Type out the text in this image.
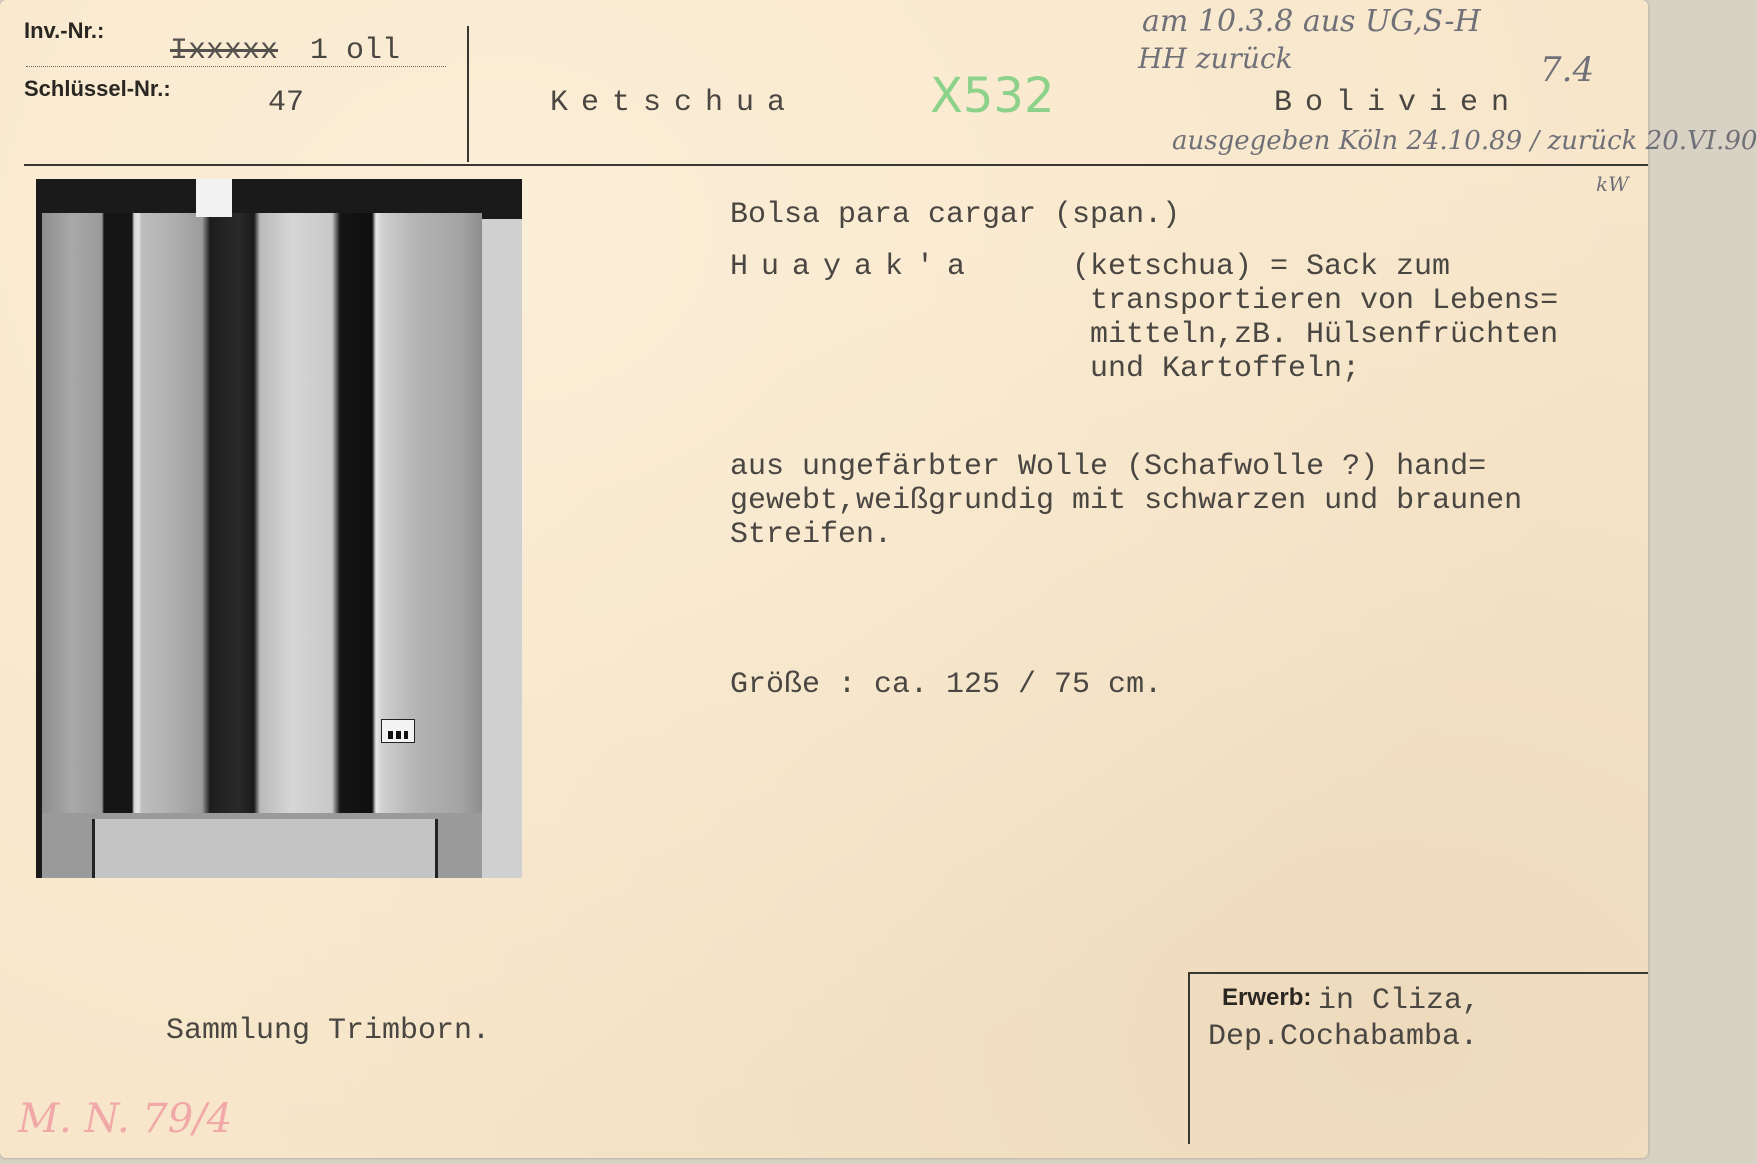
Inv.-Nr.:
Ixxxxx 1 oll
Schlüssel-Nr.:	47	Ketschua	X532	Bolivien
am 10.3.8 aus UG,S-H
HH zurück	7.4
ausgegeben Köln 24.10.89 / zurück 20.VI.90
kW
Bolsa para cargar (span.)
Huayak'a	(ketschua) = Sack zum
transportieren von Lebens=
mitteln,zB. Hülsenfrüchten
und Kartoffeln;
aus ungefärbter Wolle (Schafwolle ?) hand=
gewebt,weißgrundig mit schwarzen und braunen
Streifen.
Größe : ca. 125 / 75 cm.
Sammlung Trimborn.
Erwerb: in Cliza,
Dep.Cochabamba.
M. N. 79/4
